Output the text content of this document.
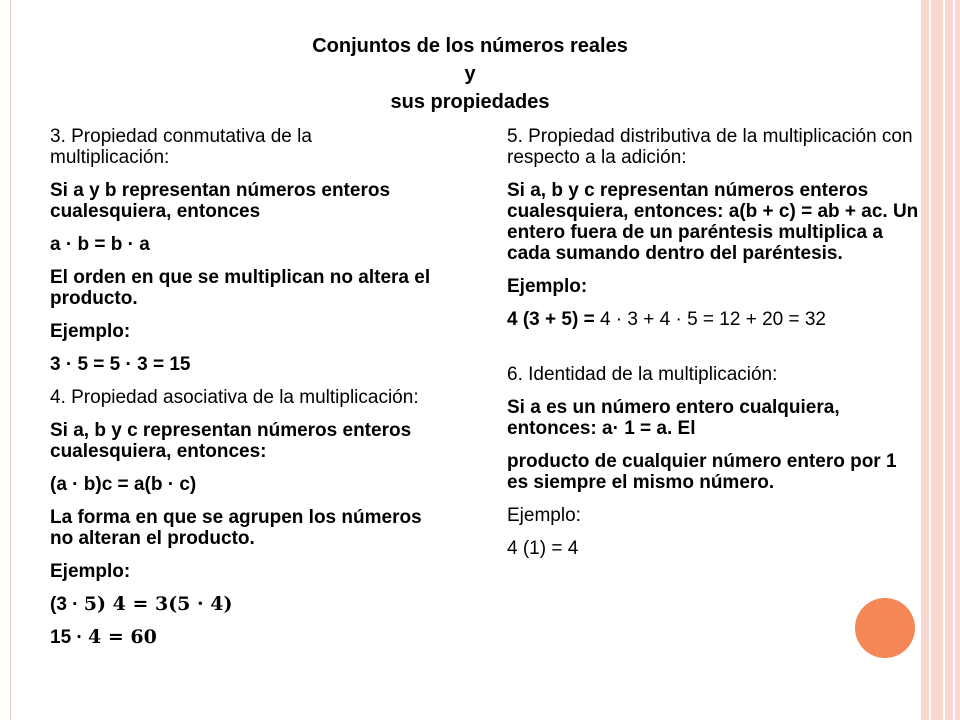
Conjuntos de los números reales
y
sus propiedades

3. Propiedad conmutativa de la multiplicación:

Si a y b representan números enteros cualesquiera, entonces

a · b = b · a

El orden en que se multiplican no altera el producto.

Ejemplo:

3 · 5 = 5 · 3 = 15

4. Propiedad asociativa de la multiplicación:

Si a, b y c representan números enteros cualesquiera, entonces:

(a · b)c = a(b · c)

La forma en que se agrupen los números no alteran el producto.

Ejemplo:

(3 · 5) 4 = 3(5 · 4)

15 · 4 = 60

5. Propiedad distributiva de la multiplicación con respecto a la adición:

Si a, b y c representan números enteros cualesquiera, entonces: a(b + c) = ab + ac. Un entero fuera de un paréntesis multiplica a cada sumando dentro del paréntesis.

Ejemplo:

4 (3 + 5) = 4 · 3 + 4 · 5 = 12 + 20 = 32

6. Identidad de la multiplicación:

Si a es un número entero cualquiera, entonces: a· 1 = a. El

producto de cualquier número entero por 1 es siempre el mismo número.

Ejemplo:

4 (1) = 4
